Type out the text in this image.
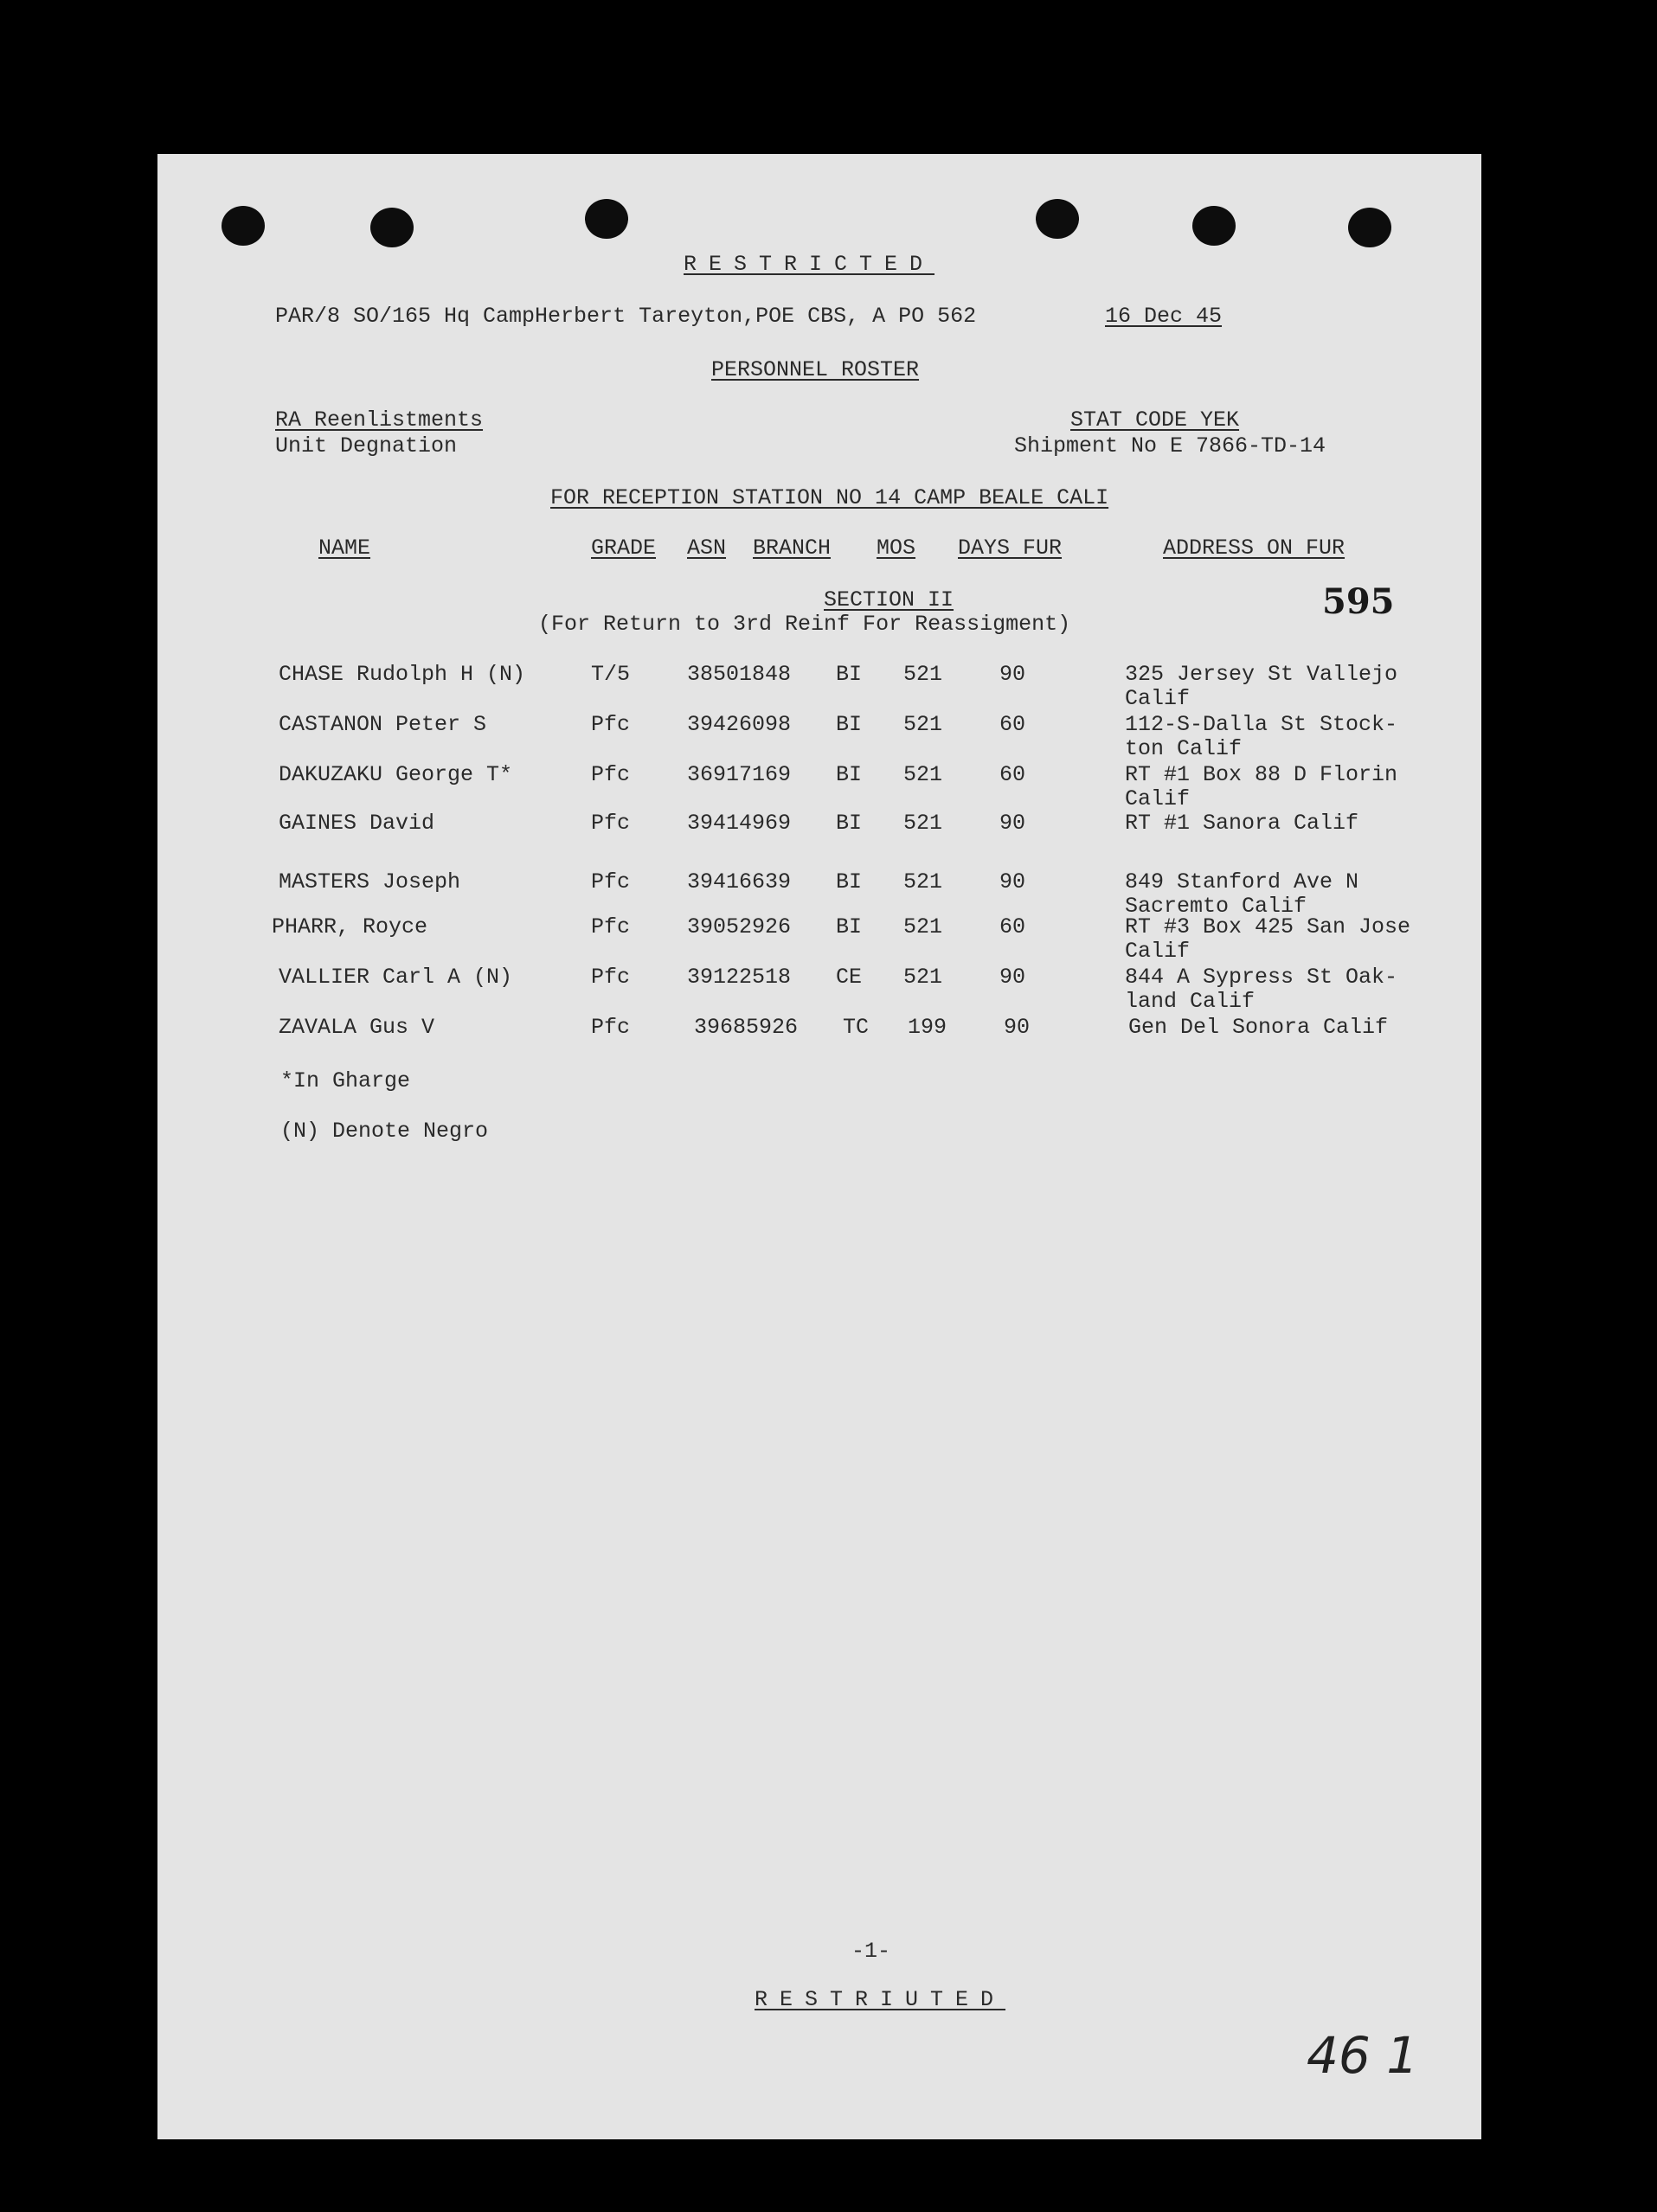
RESTRICTED
PAR/8 SO/165 Hq CampHerbert Tareyton,POE CBS, A PO 562	16 Dec 45
PERSONNEL ROSTER
RA Reenlistments
Unit Degnation
STAT CODE YEK
Shipment No E 7866-TD-14
FOR RECEPTION STATION NO 14 CAMP BEALE CALI
NAME	GRADE ASN BRANCH MOS DAYS FUR	ADDRESS ON FUR
SECTION II
(For Return to 3rd Reinf For Reassigment)
595
CHASE Rudolph H (N)	T/5	38501848 BI 521	90	325 Jersey St Vallejo
Calif
CASTANON Peter S	Pfc	39426098 BI 521	60	112-S-Dalla St Stock-
ton Calif
DAKUZAKU George T*	Pfc	36917169 BI 521	60	RT #1 Box 88 D Florin
Calif
GAINES David	Pfc	39414969 BI 521	90	RT #1 Sanora Calif
MASTERS Joseph	Pfc	39416639 BI 521	90	849 Stanford Ave N
Sacremto Calif
PHARR, Royce	Pfc	39052926 BI 521	60	RT #3 Box 425 San Jose
Calif
VALLIER Carl A (N)	Pfc	39122518 CE 521	90	844 A Sypress St Oak-
land Calif
ZAVALA Gus V	Pfc	39685926 TC 199	90	Gen Del Sonora Calif
*In Gharge
(N) Denote Negro
-1-
RESTRIUTED
46 1
